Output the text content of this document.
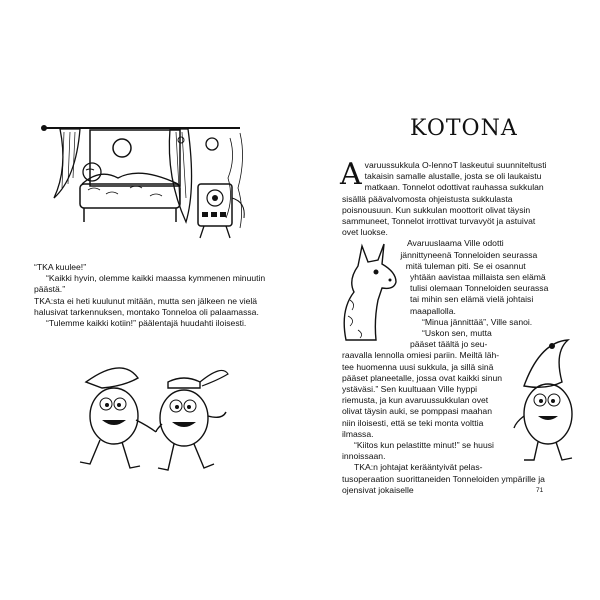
“TKA kuulee!”

“Kaikki hyvin, olemme kaikki maassa kymmenen minuutin päästä.”

TKA:sta ei heti kuulunut mitään, mutta sen jälkeen ne vielä halusivat tarkennuksen, montako Tonneloa oli palaamassa.

“Tulemme kaikki kotiin!” päälentajä huudahti iloisesti.

KOTONA
A varuussukkula O-lennoT laskeutui suunniteltusti takaisin samalle alustalle, josta se oli laukaistu matkaan. Tonnelot odottivat rauhassa sukkulan sisällä päävalvomosta ohjeistusta sukkulasta poisnousuun. Kun sukkulan moottorit olivat täysin sammuneet, Tonnelot irrottivat turvavyöt ja astuivat ovet luokse.

Avaruuslaama Ville odotti jännittyneenä Tonneloiden seurassa mitä tuleman piti. Se ei osannut yhtään aavistaa millaista sen elämä tulisi olemaan Tonneloiden seurassa tai mihin sen elämä vielä johtaisi maapallolla.

“Minua jännittää”, Ville sanoi.

“Uskon sen, mutta pääset täältä jo seuraavalla lennolla omiesi pariin. Meiltä lähtee huomenna uusi sukkula, ja sillä sinä pääset planeetalle, jossa ovat kaikki sinun ystäväsi.” Sen kuultuaan Ville hyppi riemusta, ja kun avaruussukkulan ovet olivat täysin auki, se pomppasi maahan niin iloisesti, että se teki monta volttia ilmassa.

“Kiitos kun pelastitte minut!” se huusi innoissaan.

TKA:n johtajat kerääntyivät pelastusoperaation suorittaneiden Tonneloiden ympärille ja ojensivat jokaiselle	71
